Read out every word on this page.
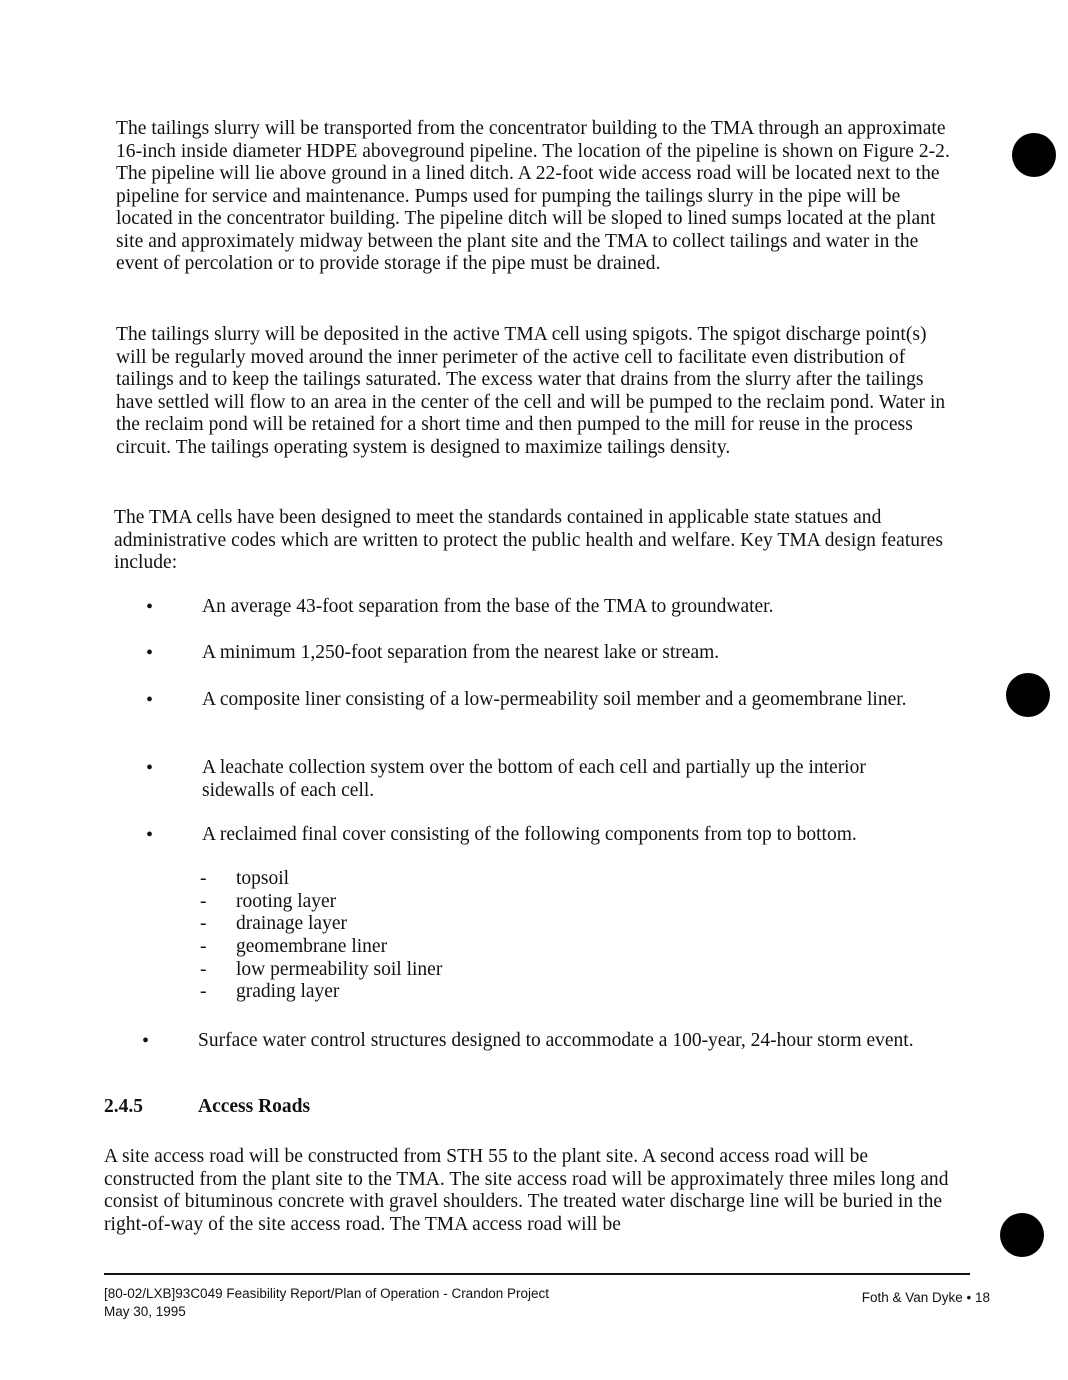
The tailings slurry will be transported from the concentrator building to the TMA through an approximate 16-inch inside diameter HDPE aboveground pipeline. The location of the pipeline is shown on Figure 2-2. The pipeline will lie above ground in a lined ditch. A 22-foot wide access road will be located next to the pipeline for service and maintenance. Pumps used for pumping the tailings slurry in the pipe will be located in the concentrator building. The pipeline ditch will be sloped to lined sumps located at the plant site and approximately midway between the plant site and the TMA to collect tailings and water in the event of percolation or to provide storage if the pipe must be drained.

The tailings slurry will be deposited in the active TMA cell using spigots. The spigot discharge point(s) will be regularly moved around the inner perimeter of the active cell to facilitate even distribution of tailings and to keep the tailings saturated. The excess water that drains from the slurry after the tailings have settled will flow to an area in the center of the cell and will be pumped to the reclaim pond. Water in the reclaim pond will be retained for a short time and then pumped to the mill for reuse in the process circuit. The tailings operating system is designed to maximize tailings density.

The TMA cells have been designed to meet the standards contained in applicable state statues and administrative codes which are written to protect the public health and welfare. Key TMA design features include:

•	An average 43-foot separation from the base of the TMA to groundwater.
•	A minimum 1,250-foot separation from the nearest lake or stream.
•	A composite liner consisting of a low-permeability soil member and a geomembrane liner.
•	A leachate collection system over the bottom of each cell and partially up the interior sidewalls of each cell.
•	A reclaimed final cover consisting of the following components from top to bottom.
- topsoil
- rooting layer
- drainage layer
- geomembrane liner
- low permeability soil liner
- grading layer
•	Surface water control structures designed to accommodate a 100-year, 24-hour storm event.
2.4.5	Access Roads

A site access road will be constructed from STH 55 to the plant site. A second access road will be constructed from the plant site to the TMA. The site access road will be approximately three miles long and consist of bituminous concrete with gravel shoulders. The treated water discharge line will be buried in the right-of-way of the site access road. The TMA access road will be

[80-02/LXB]93C049 Feasibility Report/Plan of Operation - Crandon Project
May 30, 1995
Foth & Van Dyke • 18
